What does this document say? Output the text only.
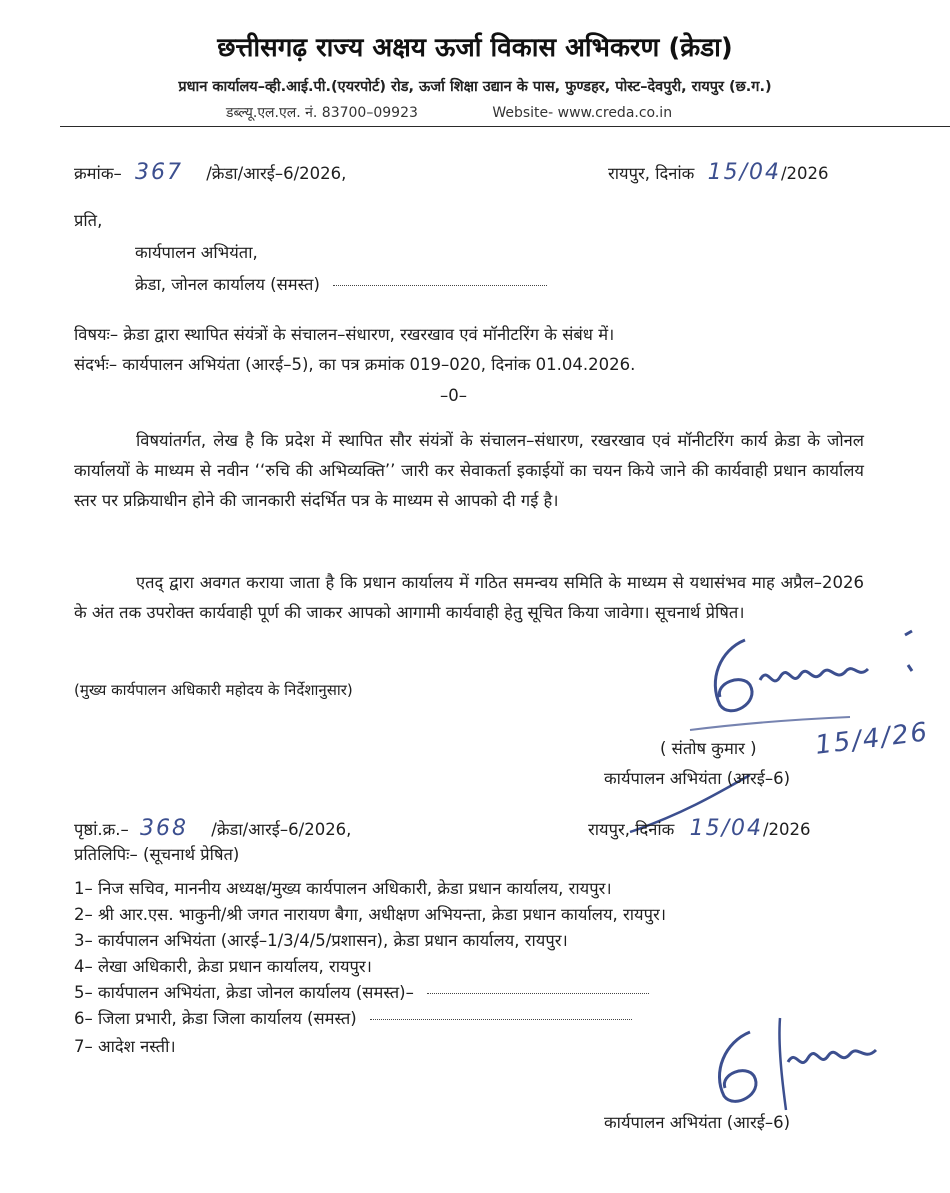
छत्तीसगढ़ राज्य अक्षय ऊर्जा विकास अभिकरण (क्रेडा)
प्रधान कार्यालय–व्ही.आई.पी.(एयरपोर्ट) रोड, ऊर्जा शिक्षा उद्यान के पास, फुण्डहर, पोस्ट–देवपुरी, रायपुर (छ.ग.)
डब्ल्यू.एल.एल. नं. 83700–09923	Website- www.creda.co.in
क्रमांक– 367 /क्रेडा/आरई–6/2026,	रायपुर, दिनांक 15/04/2026
प्रति,
कार्यपालन अभियंता,
क्रेडा, जोनल कार्यालय (समस्त)
विषयः– क्रेडा द्वारा स्थापित संयंत्रों के संचालन–संधारण, रखरखाव एवं मॉनीटरिंग के संबंध में।
संदर्भः– कार्यपालन अभियंता (आरई–5), का पत्र क्रमांक 019–020, दिनांक 01.04.2026.
–0–
विषयांतर्गत, लेख है कि प्रदेश में स्थापित सौर संयंत्रों के संचालन–संधारण, रखरखाव एवं मॉनीटरिंग कार्य क्रेडा के जोनल कार्यालयों के माध्यम से नवीन ‘‘रुचि की अभिव्यक्ति’’ जारी कर सेवाकर्ता इकाईयों का चयन किये जाने की कार्यवाही प्रधान कार्यालय स्तर पर प्रक्रियाधीन होने की जानकारी संदर्भित पत्र के माध्यम से आपको दी गई है।
एतद् द्वारा अवगत कराया जाता है कि प्रधान कार्यालय में गठित समन्वय समिति के माध्यम से यथासंभव माह अप्रैल–2026 के अंत तक उपरोक्त कार्यवाही पूर्ण की जाकर आपको आगामी कार्यवाही हेतु सूचित किया जावेगा। सूचनार्थ प्रेषित।
(मुख्य कार्यपालन अधिकारी महोदय के निर्देशानुसार)
15/4/26
( संतोष कुमार )
कार्यपालन अभियंता (आरई–6)
पृष्ठां.क्र.– 368 /क्रेडा/आरई–6/2026,	रायपुर, दिनांक 15/04/2026
प्रतिलिपिः– (सूचनार्थ प्रेषित)
1– निज सचिव, माननीय अध्यक्ष/मुख्य कार्यपालन अधिकारी, क्रेडा प्रधान कार्यालय, रायपुर।
2– श्री आर.एस. भाकुनी/श्री जगत नारायण बैगा, अधीक्षण अभियन्ता, क्रेडा प्रधान कार्यालय, रायपुर।
3– कार्यपालन अभियंता (आरई–1/3/4/5/प्रशासन), क्रेडा प्रधान कार्यालय, रायपुर।
4– लेखा अधिकारी, क्रेडा प्रधान कार्यालय, रायपुर।
5– कार्यपालन अभियंता, क्रेडा जोनल कार्यालय (समस्त)–
6– जिला प्रभारी, क्रेडा जिला कार्यालय (समस्त)
7– आदेश नस्ती।
कार्यपालन अभियंता (आरई–6)
